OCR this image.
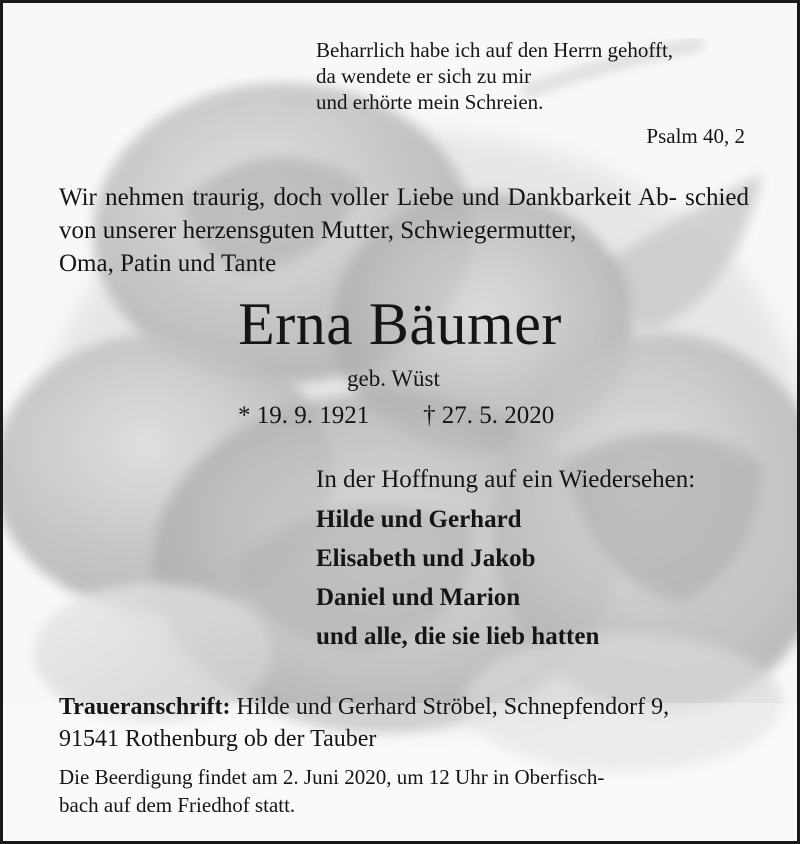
Beharrlich habe ich auf den Herrn gehofft,
da wendete er sich zu mir
und erhörte mein Schreien.
Psalm 40, 2
Wir nehmen traurig, doch voller Liebe und Dankbarkeit Ab- schied von unserer herzensguten Mutter, Schwiegermutter,
Oma, Patin und Tante
Erna Bäumer
geb. Wüst
* 19. 9. 1921 † 27. 5. 2020
In der Hoffnung auf ein Wiedersehen:
Hilde und Gerhard
Elisabeth und Jakob
Daniel und Marion
und alle, die sie lieb hatten
Traueranschrift: Hilde und Gerhard Ströbel, Schnepfendorf 9,
91541 Rothenburg ob der Tauber
Die Beerdigung findet am 2. Juni 2020, um 12 Uhr in Oberfisch-
bach auf dem Friedhof statt.
